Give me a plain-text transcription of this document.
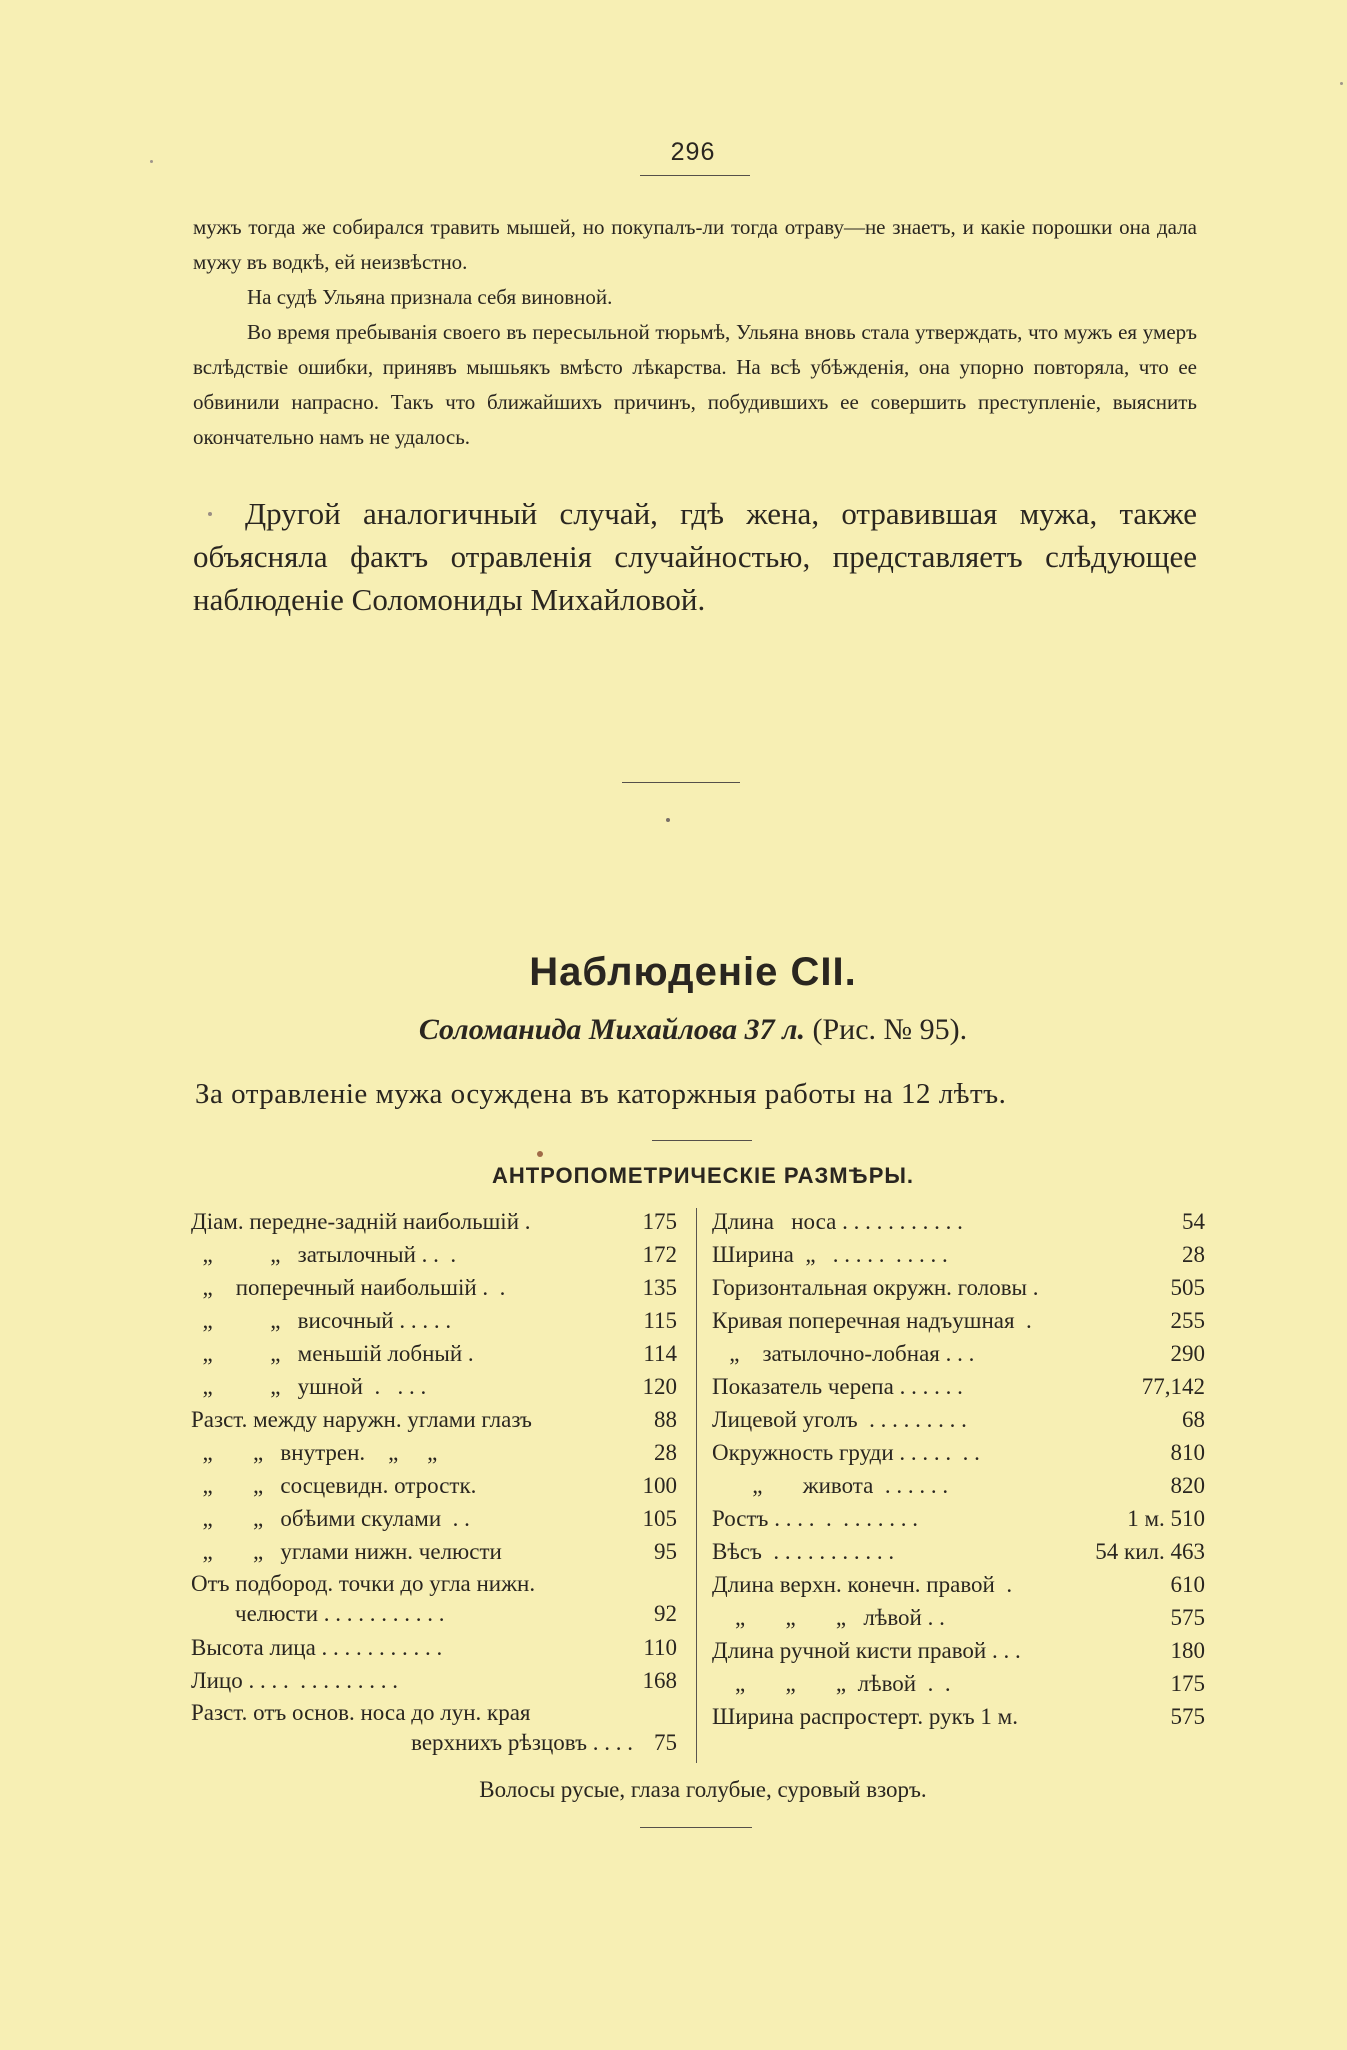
296

мужъ тогда же собирался травить мышей, но покупалъ-ли тогда отраву—не знаетъ, и какіе порошки она дала мужу въ водкѣ, ей неизвѣстно.

На судѣ Ульяна признала себя виновной.

Во время пребыванія своего въ пересыльной тюрьмѣ, Ульяна вновь стала утверждать, что мужъ ея умеръ вслѣдствіе ошибки, принявъ мышьякъ вмѣсто лѣкарства. На всѣ убѣжденія, она упорно повторяла, что ее обвинили напрасно. Такъ что ближайшихъ причинъ, побудившихъ ее совершить преступленіе, выяснить окончательно намъ не удалось.

Другой аналогичный случай, гдѣ жена, отравившая мужа, также объясняла фактъ отравленія случайностью, представляетъ слѣдующее наблюденіе Соломониды Михайловой.

Наблюденіе CII.
Соломанида Михайлова 37 л. (Рис. № 95).
За отравленіе мужа осуждена въ каторжныя работы на 12 лѣтъ.
АНТРОПОМЕТРИЧЕСКІЕ РАЗМѢРЫ.
Діам. передне-заднiй наибольшiй .	175
„          „   затылочный . .  .	172
„    поперечный наибольшiй .  .	135
„          „   височный . . . . .	115
„          „   меньшiй лобный .	114
„          „   ушной  .   . . .	120
Разст. между наружн. углами глазъ	88
„       „   внутрен.    „     „	28
„       „   сосцевидн. отростк.	100
„       „   обѣими скулами  . .	105
„       „   углами нижн. челюсти	95
Отъ подбород. точки до угла нижн.
челюсти . . . . . . . . . . .	92
Высота лица . . . . . . . . . . .	110
Лицо . . . .  . . . . . . . . .	168
Разст. отъ основ. носа до лун. края
верхнихъ рѣзцовъ . . . . 75
Длина   носа . . . . . . . . . . .	54
Ширина  „   . . . . .  . . . . .	28
Горизонтальная окружн. головы .	505
Кривая поперечная надъушная  .	255
„    затылочно-лобная . . .	290
Показатель черепа . . . . . .	77,142
Лицевой уголъ  . . . . . . . . .	68
Окружность груди . . . . .  . .	810
„       живота  . . . . . .	820
Ростъ . . . .  .  . . . . . . .	1 м. 510
Вѣсъ  . . . . . . . . . . .	54 кил. 463
Длина верхн. конечн. правой  .	610
„       „       „   лѣвой . .	575
Длина ручной кисти правой . . .	180
„       „       „  лѣвой  .  .	175
Ширина распростерт. рукъ 1 м.	575
Волосы русые, глаза голубые, суровый взоръ.
